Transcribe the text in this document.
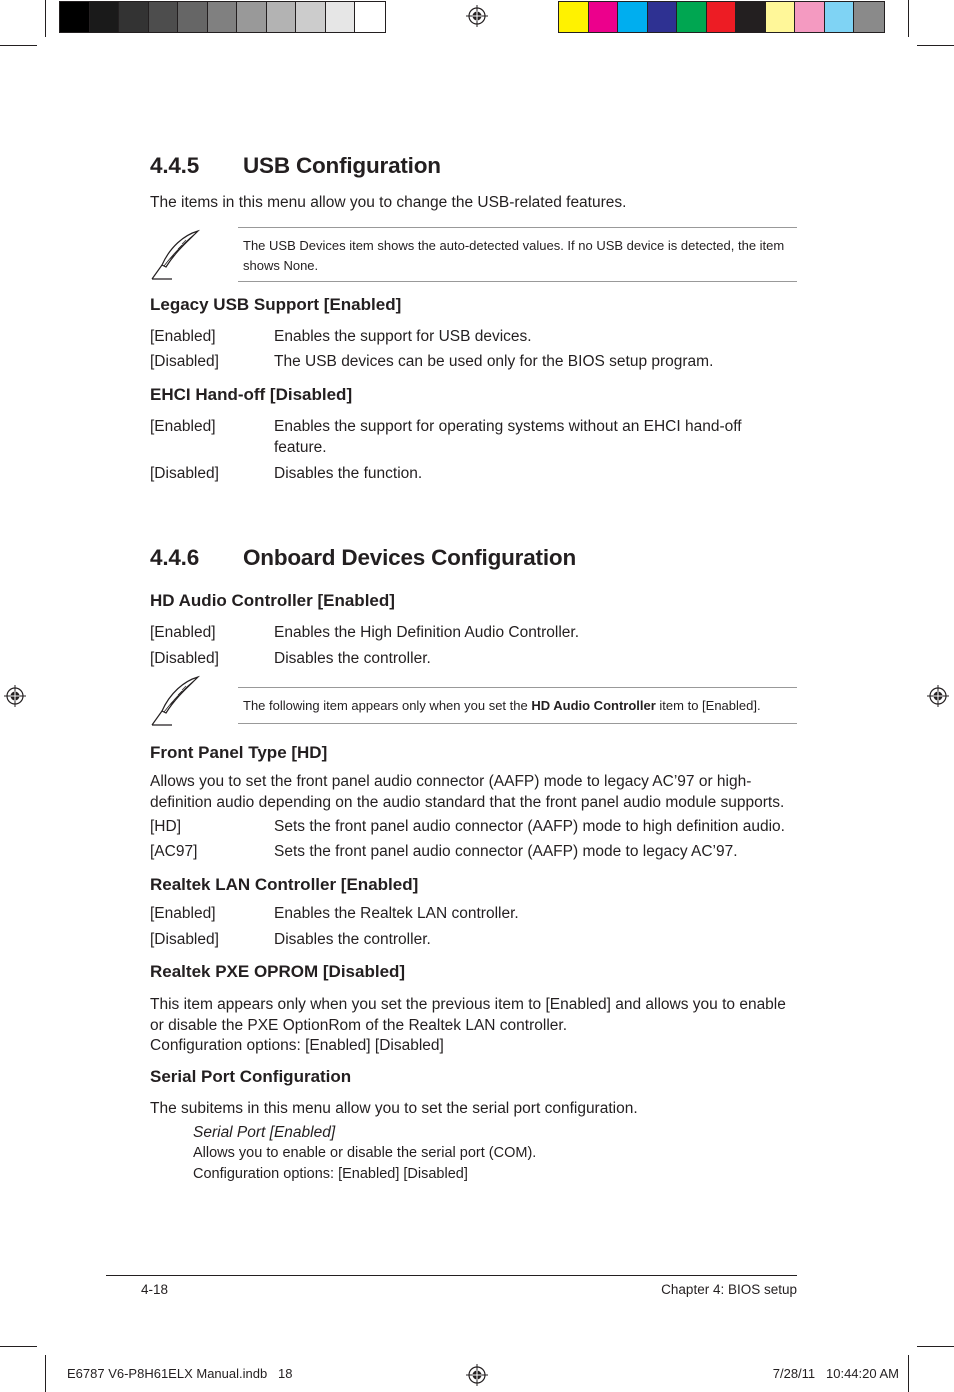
4.4.5 USB Configuration
The items in this menu allow you to change the USB-related features.
The USB Devices item shows the auto-detected values. If no USB device is detected, the item shows None.
Legacy USB Support [Enabled]
[Enabled]	Enables the support for USB devices.
[Disabled]	The USB devices can be used only for the BIOS setup program.
EHCI Hand-off [Disabled]
[Enabled]	Enables the support for operating systems without an EHCI hand-off feature.
[Disabled]	Disables the function.
4.4.6 Onboard Devices Configuration
HD Audio Controller [Enabled]
[Enabled]	Enables the High Definition Audio Controller.
[Disabled]	Disables the controller.
The following item appears only when you set the HD Audio Controller item to [Enabled].
Front Panel Type [HD]
Allows you to set the front panel audio connector (AAFP) mode to legacy AC’97 or high-definition audio depending on the audio standard that the front panel audio module supports.
[HD]	Sets the front panel audio connector (AAFP) mode to high definition audio.
[AC97]	Sets the front panel audio connector (AAFP) mode to legacy AC’97.
Realtek LAN Controller [Enabled]
[Enabled]	Enables the Realtek LAN controller.
[Disabled]	Disables the controller.
Realtek PXE OPROM [Disabled]
This item appears only when you set the previous item to [Enabled] and allows you to enable or disable the PXE OptionRom of the Realtek LAN controller.
Configuration options: [Enabled] [Disabled]
Serial Port Configuration
The subitems in this menu allow you to set the serial port configuration.
Serial Port [Enabled]
Allows you to enable or disable the serial port (COM).
Configuration options: [Enabled] [Disabled]
4-18	Chapter 4: BIOS setup
E6787 V6-P8H61ELX Manual.indb   18	7/28/11   10:44:20 AM
